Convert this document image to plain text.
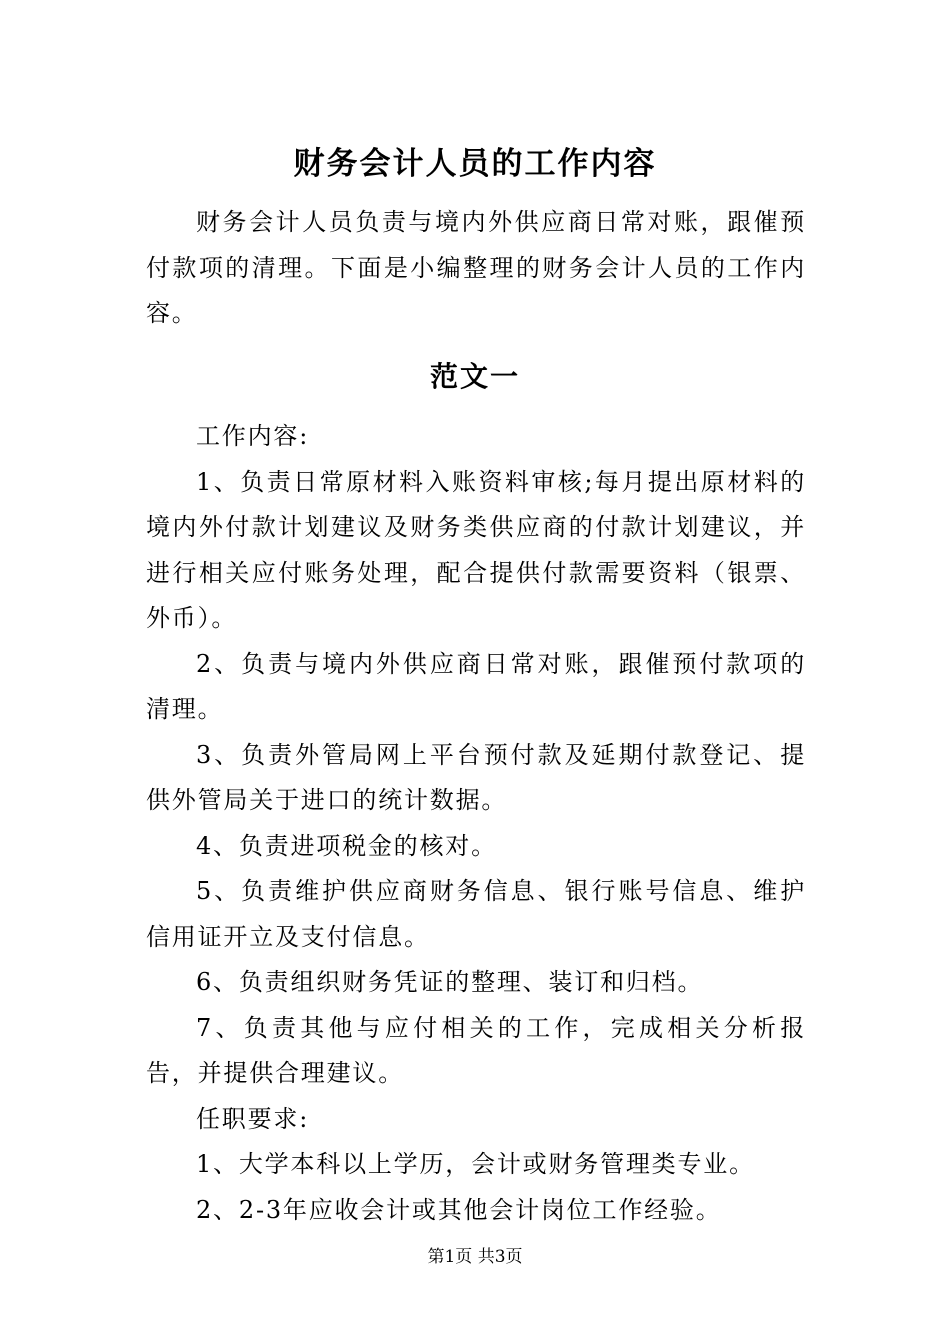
财务会计人员的工作内容

财务会计人员负责与境内外供应商日常对账，跟催预付款项的清理。下面是小编整理的财务会计人员的工作内容。

范文一

工作内容:

1、负责日常原材料入账资料审核;每月提出原材料的境内外付款计划建议及财务类供应商的付款计划建议，并进行相关应付账务处理，配合提供付款需要资料（银票、外币）。

2、负责与境内外供应商日常对账，跟催预付款项的清理。

3、负责外管局网上平台预付款及延期付款登记、提供外管局关于进口的统计数据。

4、负责进项税金的核对。

5、负责维护供应商财务信息、银行账号信息、维护信用证开立及支付信息。

6、负责组织财务凭证的整理、装订和归档。

7、负责其他与应付相关的工作，完成相关分析报告，并提供合理建议。

任职要求:

1、大学本科以上学历，会计或财务管理类专业。

2、2-3年应收会计或其他会计岗位工作经验。

第1页 共3页
